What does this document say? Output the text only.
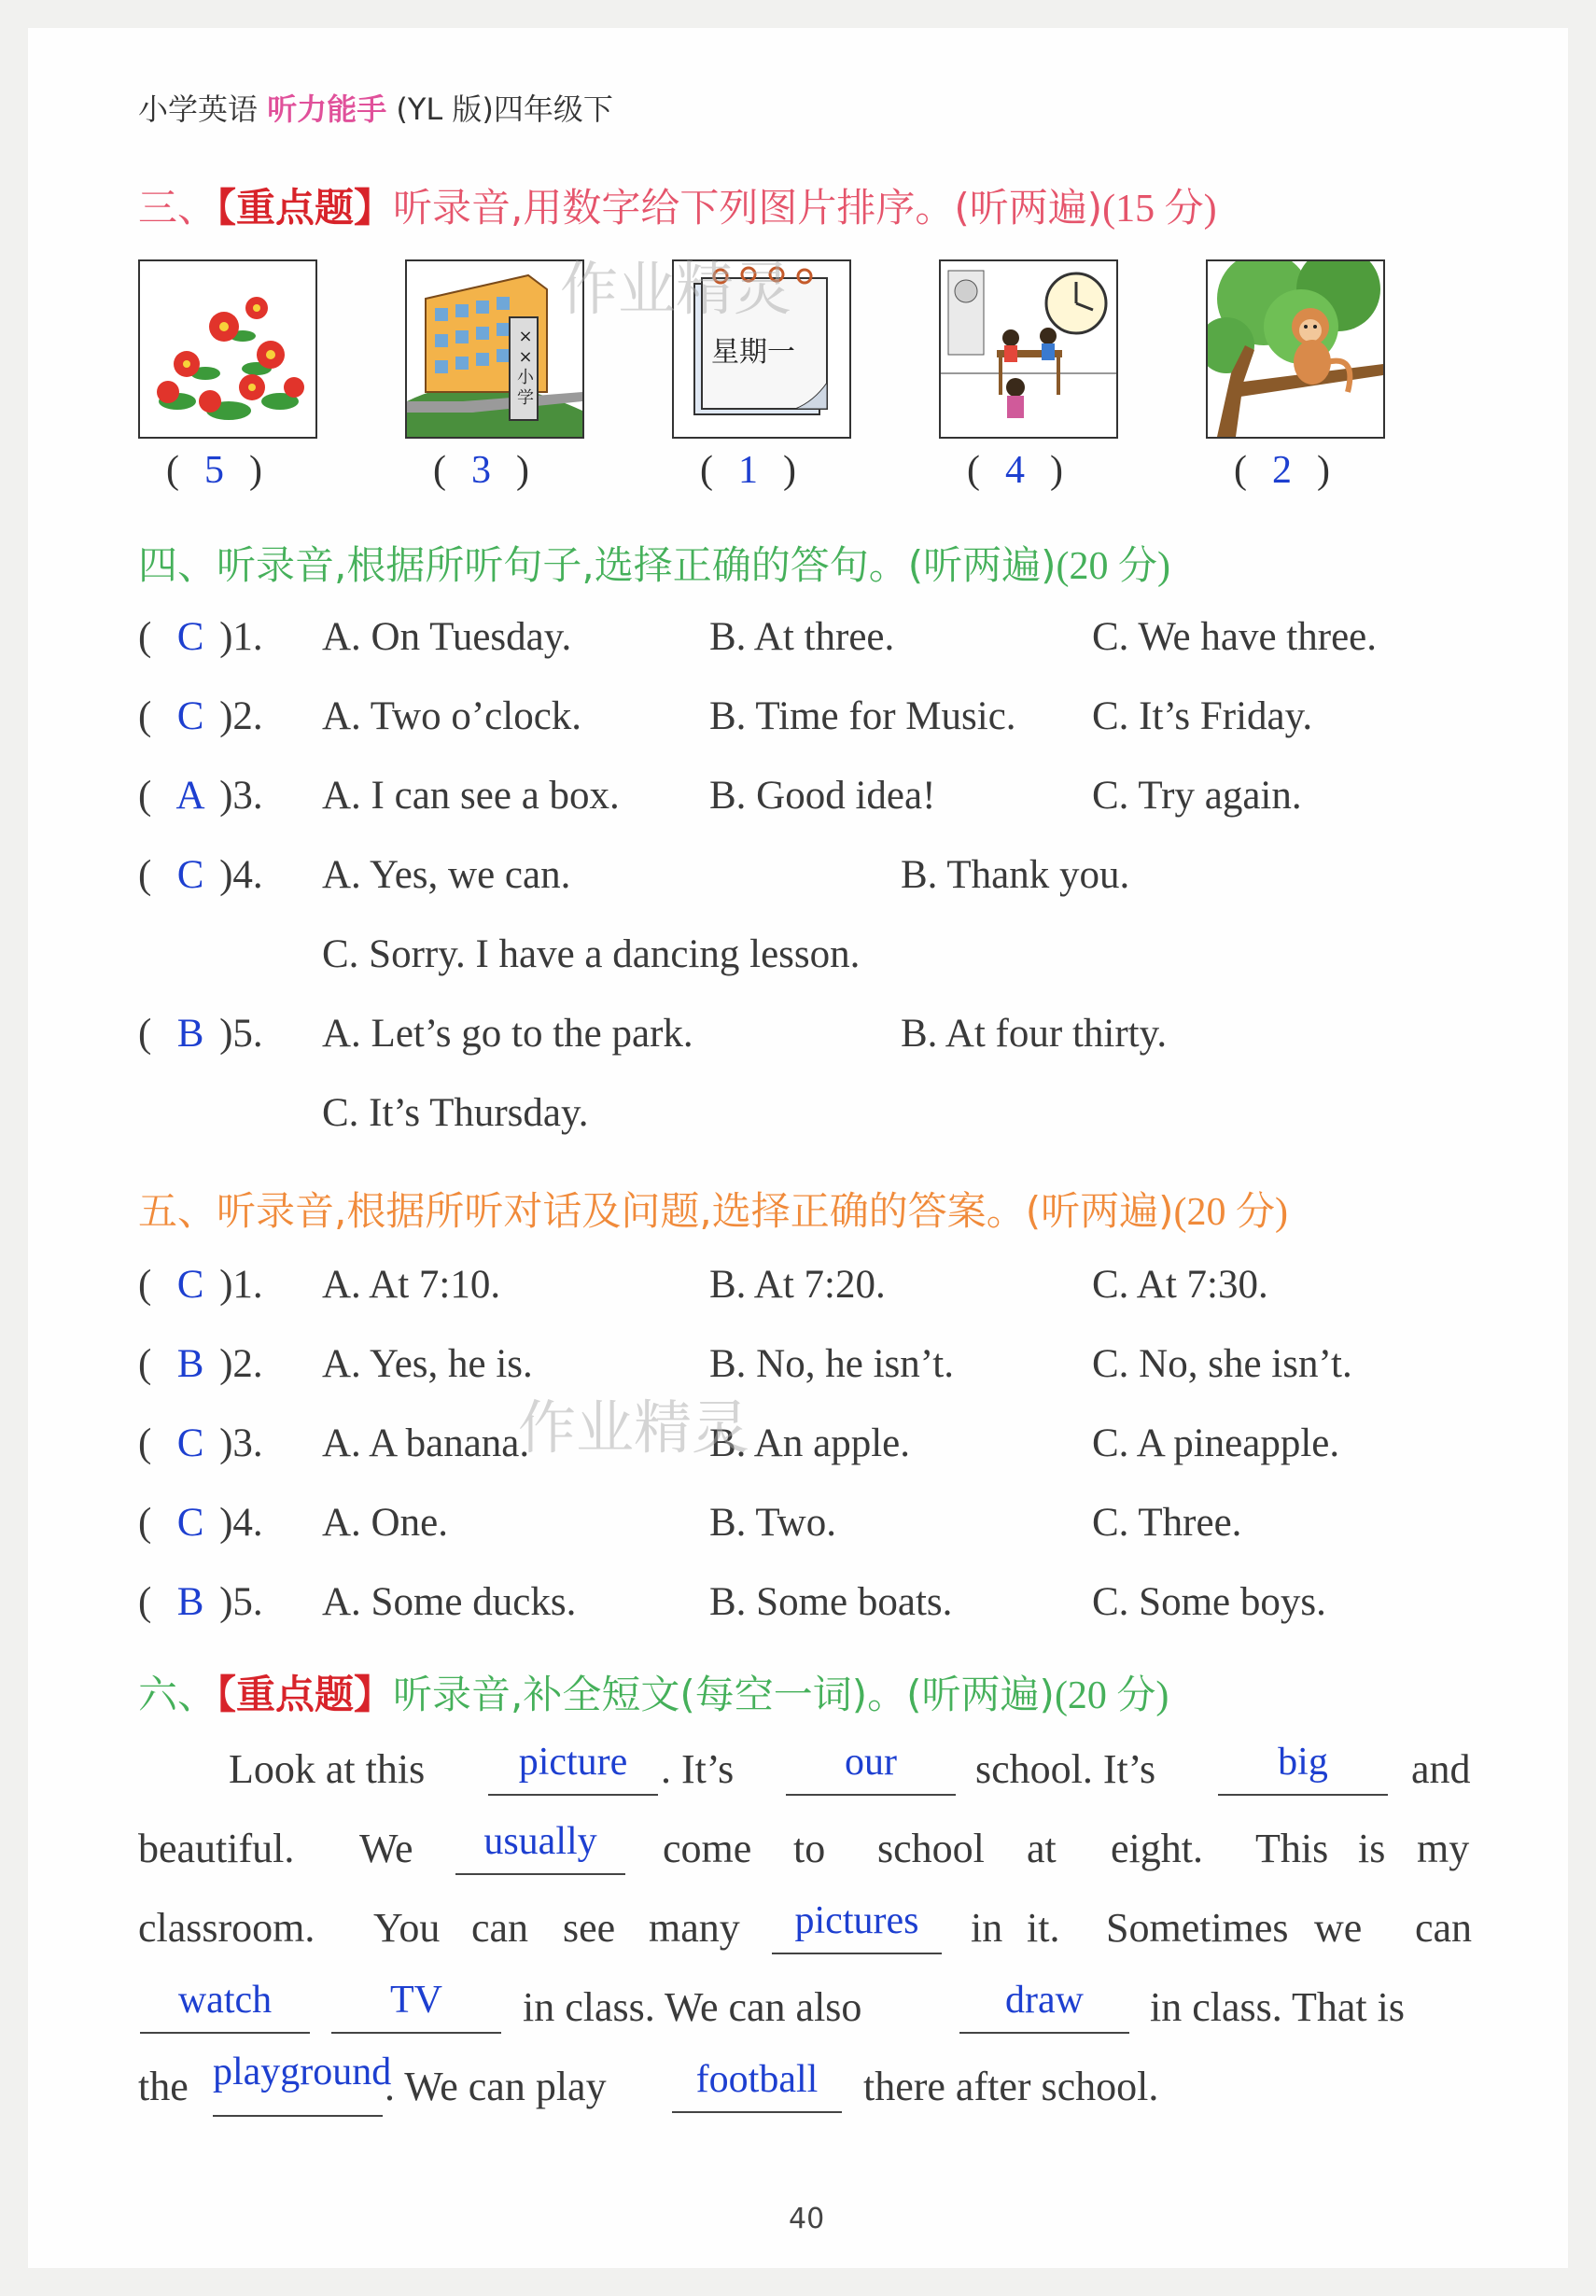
小学英语 听力能手 (YL 版)四年级下
三、【重点题】听录音,用数字给下列图片排序。(听两遍)(15 分)
××小学
星期一
( 5 )	( 3 )	( 1 )	( 4 )	( 2 )
四、听录音,根据所听句子,选择正确的答句。(听两遍)(20 分)
( C )1. A. On Tuesday.	B. At three.	C. We have three.
( C )2. A. Two o’clock.	B. Time for Music. C. It’s Friday.
( A )3. A. I can see a box. B. Good idea!	C. Try again.
( C )4. A. Yes, we can.	B. Thank you.
C. Sorry. I have a dancing lesson.
( B )5. A. Let’s go to the park.	B. At four thirty.
C. It’s Thursday.
五、听录音,根据所听对话及问题,选择正确的答案。(听两遍)(20 分)
( C )1. A. At 7:10.	B. At 7:20.	C. At 7:30.
( B )2. A. Yes, he is.	B. No, he isn’t.	C. No, she isn’t.
( C )3. A. A banana.	B. An apple.	C. A pineapple.
( C )4. A. One.	B. Two.	C. Three.
( B )5. A. Some ducks.	B. Some boats.	C. Some boys.
六、【重点题】听录音,补全短文(每空一词)。(听两遍)(20 分)
Look at this	picture . It’s	our	school. It’s	big	and
beautiful. We	usually	come to school at eight. This is my
classroom. You can see many	pictures	in it. Sometimes we can
watch	TV	in class. We can also	draw	in class. That is
the playground
. We can play	football	there after school.
作业精灵
作业精灵
40
